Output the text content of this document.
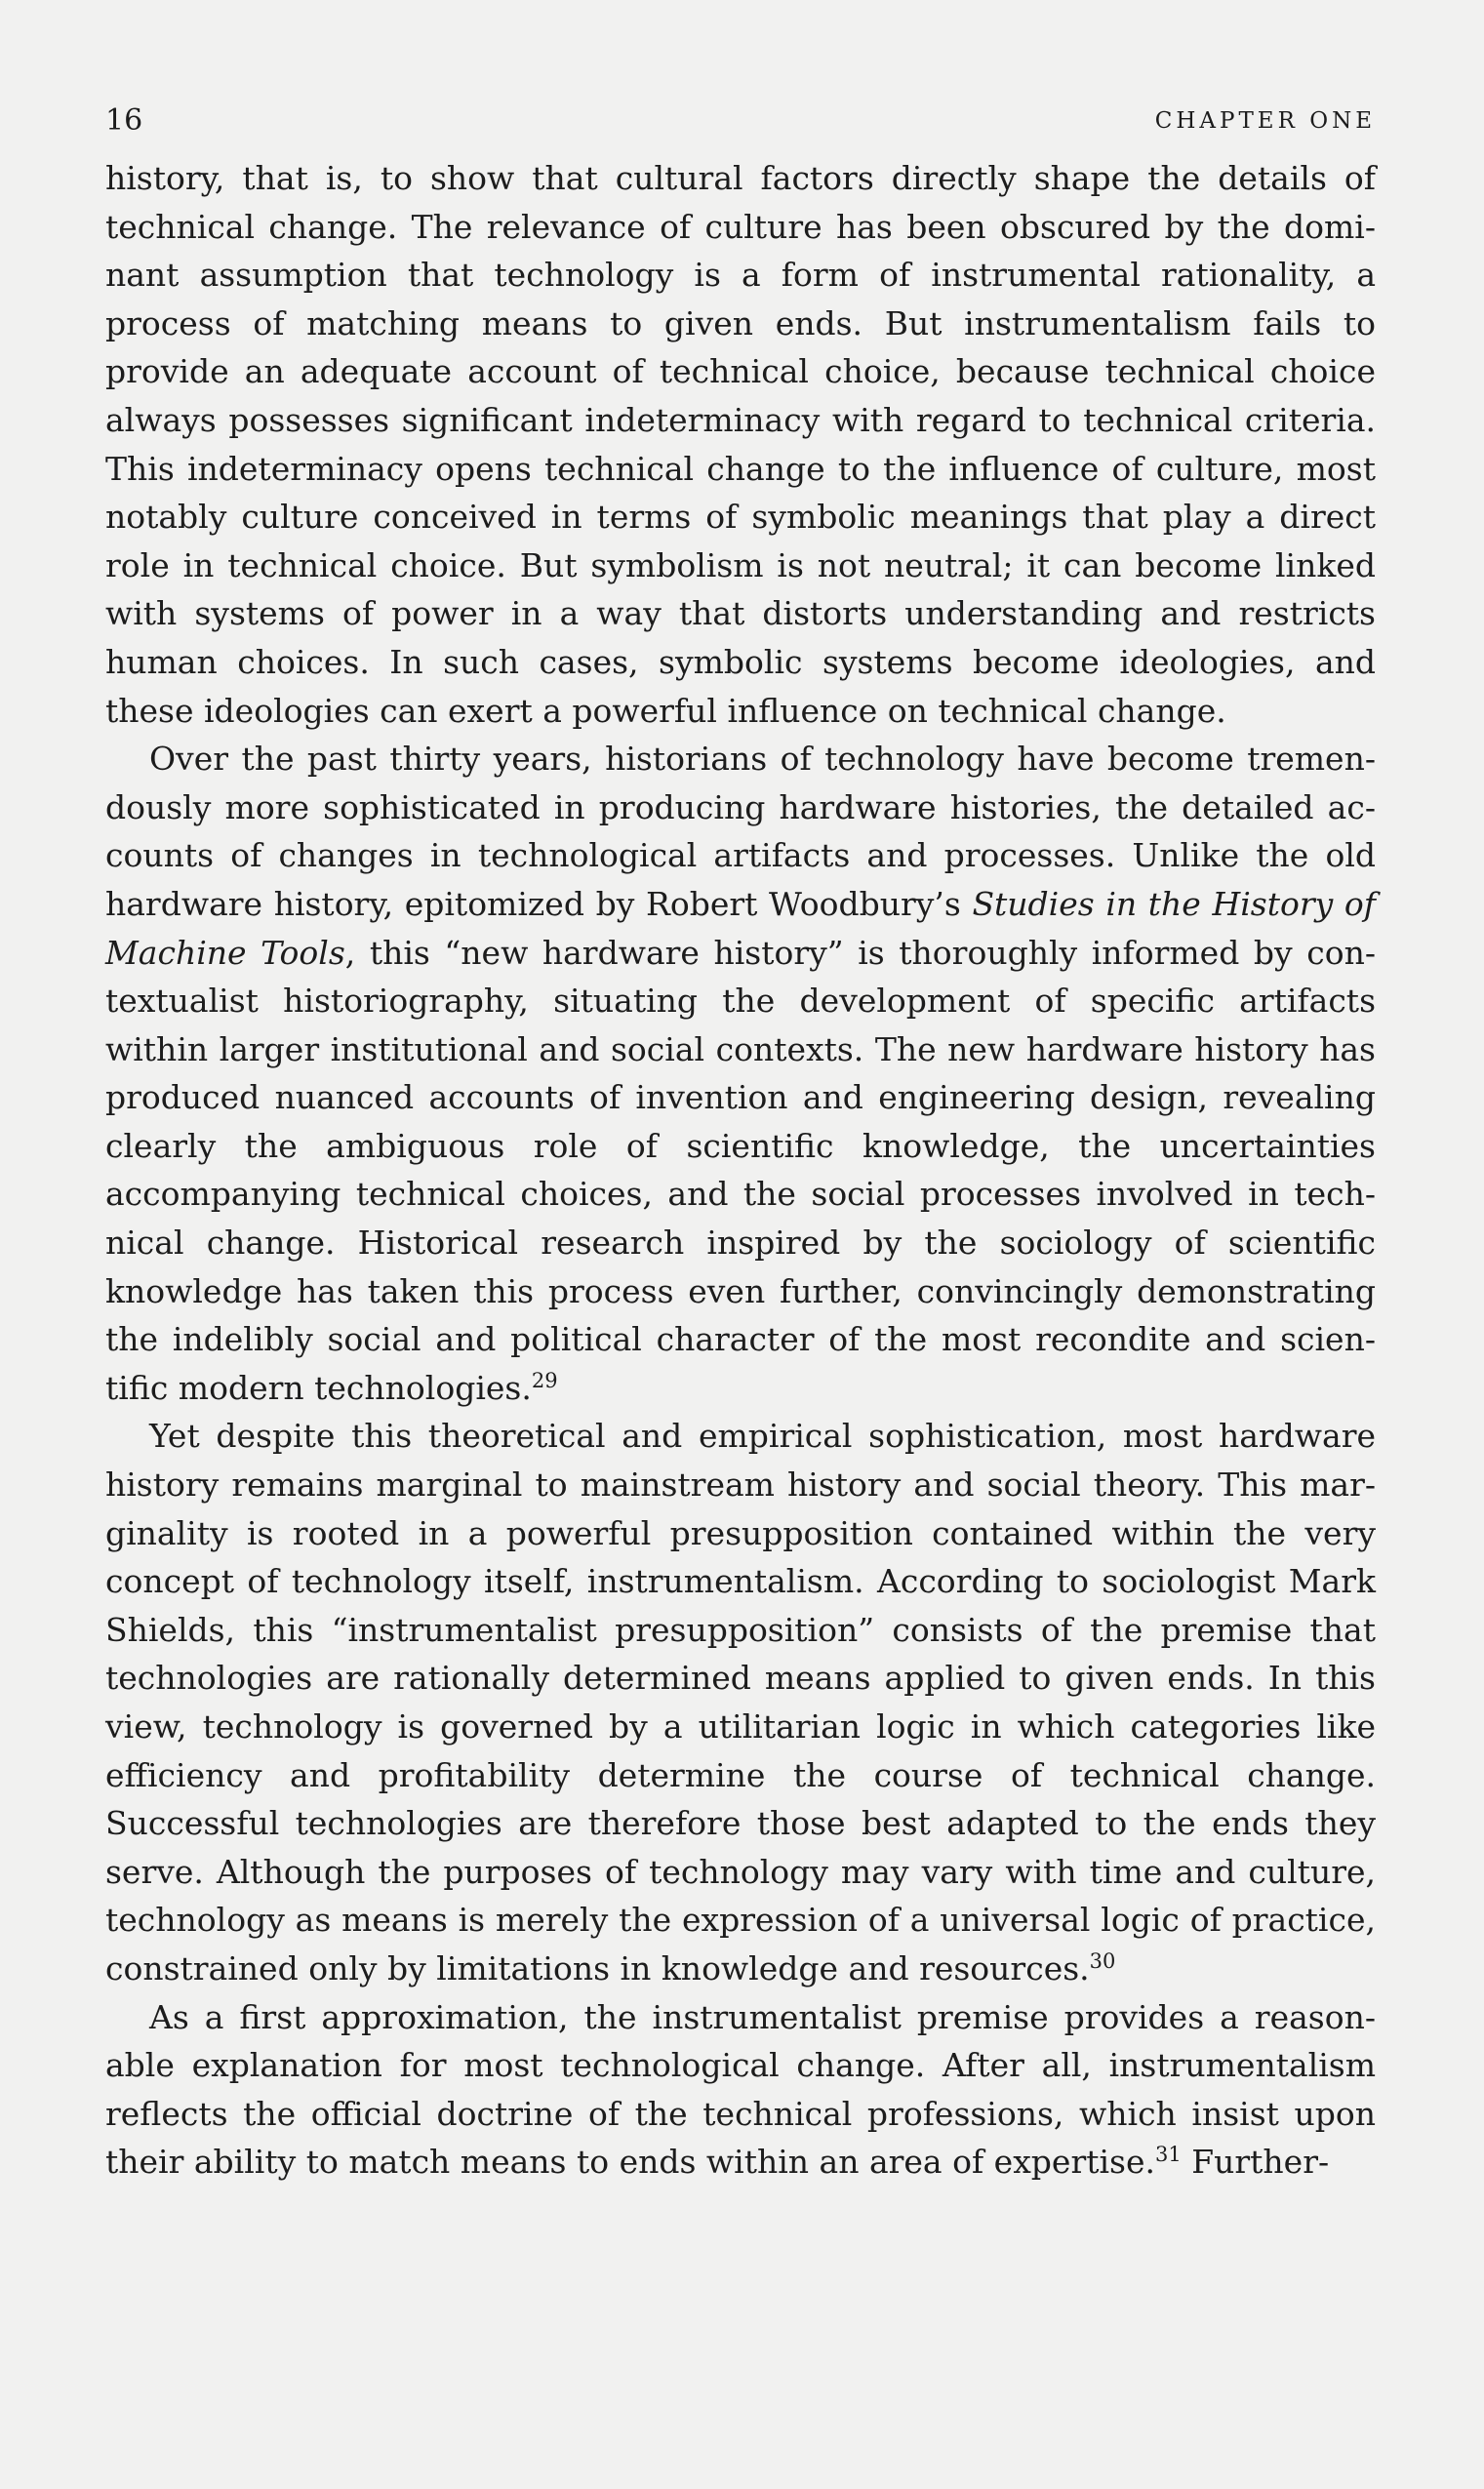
16	CHAPTER ONE

history, that is, to show that cultural factors directly shape the details of technical change. The relevance of culture has been obscured by the dominant assumption that technology is a form of instrumental rationality, a process of matching means to given ends. But instrumentalism fails to provide an adequate account of technical choice, because technical choice always possesses significant indeterminacy with regard to technical criteria. This indeterminacy opens technical change to the influence of culture, most notably culture conceived in terms of symbolic meanings that play a direct role in technical choice. But symbolism is not neutral; it can become linked with systems of power in a way that distorts understanding and restricts human choices. In such cases, symbolic systems become ideologies, and these ideologies can exert a powerful influence on technical change.

Over the past thirty years, historians of technology have become tremendously more sophisticated in producing hardware histories, the detailed accounts of changes in technological artifacts and processes. Unlike the old hardware history, epitomized by Robert Woodbury’s Studies in the History of Machine Tools, this “new hardware history” is thoroughly informed by contextualist historiography, situating the development of specific artifacts within larger institutional and social contexts. The new hardware history has produced nuanced accounts of invention and engineering design, revealing clearly the ambiguous role of scientific knowledge, the uncertainties accompanying technical choices, and the social processes involved in technical change. Historical research inspired by the sociology of scientific knowledge has taken this process even further, convincingly demonstrating the indelibly social and political character of the most recondite and scientific modern technologies.$^{29}$

Yet despite this theoretical and empirical sophistication, most hardware history remains marginal to mainstream history and social theory. This marginality is rooted in a powerful presupposition contained within the very concept of technology itself, instrumentalism. According to sociologist Mark Shields, this “instrumentalist presupposition” consists of the premise that technologies are rationally determined means applied to given ends. In this view, technology is governed by a utilitarian logic in which categories like efficiency and profitability determine the course of technical change. Successful technologies are therefore those best adapted to the ends they serve. Although the purposes of technology may vary with time and culture, technology as means is merely the expression of a universal logic of practice, constrained only by limitations in knowledge and resources.$^{30}$

As a first approximation, the instrumentalist premise provides a reasonable explanation for most technological change. After all, instrumentalism reflects the official doctrine of the technical professions, which insist upon their ability to match means to ends within an area of expertise.$^{31}$ Further-
